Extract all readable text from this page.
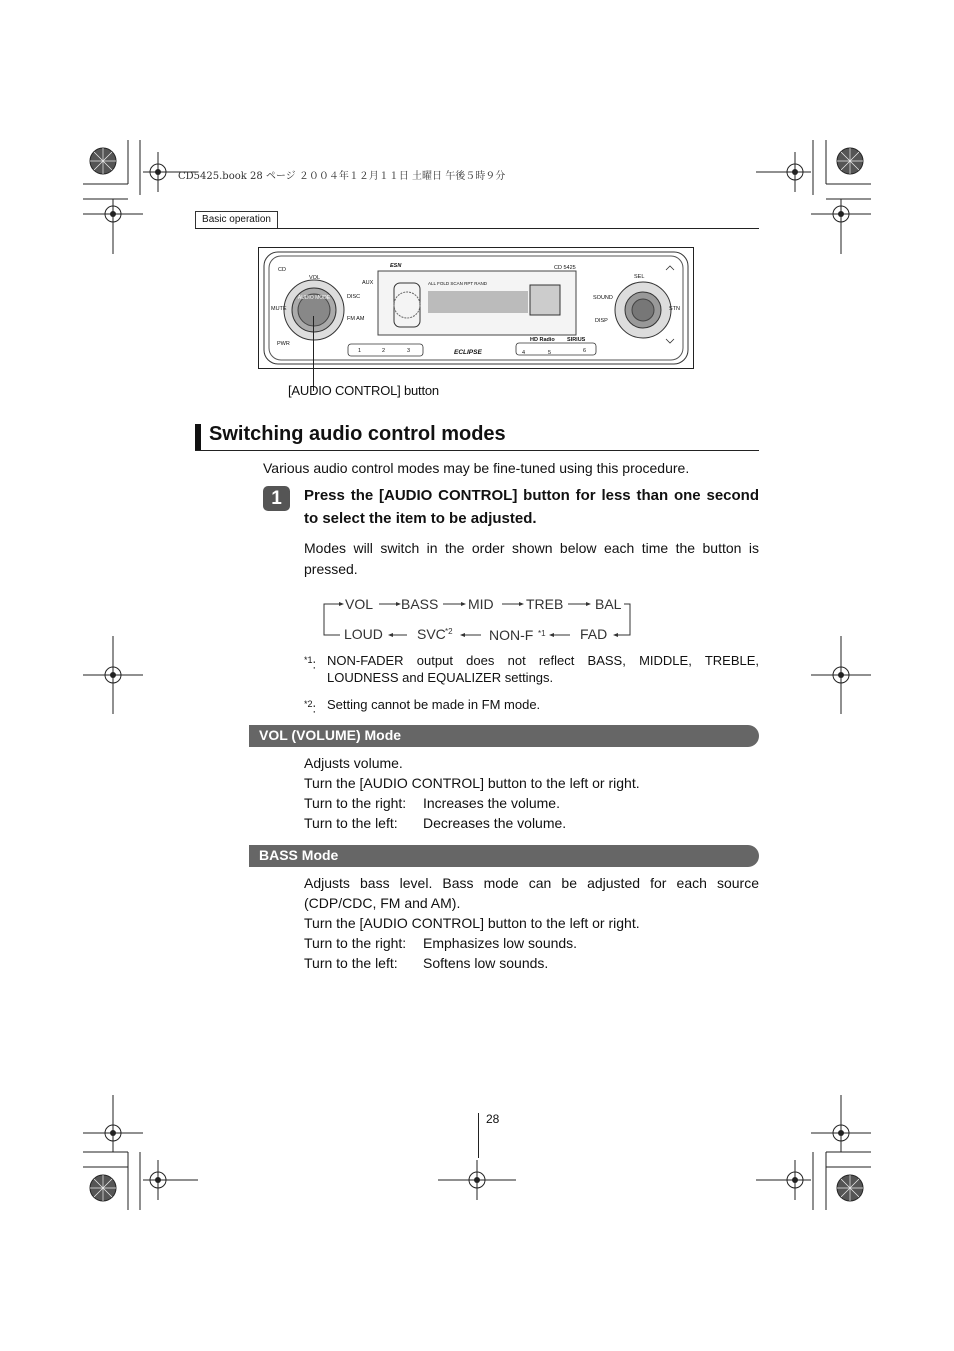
CD5425.book 28 ページ ２００４年１２月１１日 土曜日 午後５時９分
Basic operation
AUDIO MODE
CD
VOL
MUTE
PWR
DISC
FM AM
AUX
ESN	CD 5425
SEL
SOUND
DISP
STN
ALL FOLD SCAN RPT RAND
ECLIPSE
HD Radio SIRIUS
1	2	3	4	5	6
[AUDIO CONTROL] button
Switching audio control modes
Various audio control modes may be fine-tuned using this procedure.
1	Press the [AUDIO CONTROL] button for less than one second to select the item to be adjusted.
Modes will switch in the order shown below each time the button is pressed.
VOL BASS MID TREB BAL
LOUD SVC *2	NON-F *1 FAD
$^{*1}$: NON-FADER output does not reflect BASS, MIDDLE, TREBLE, LOUDNESS and EQUALIZER settings.
$^{*2}$: Setting cannot be made in FM mode.
VOL (VOLUME) Mode
Adjusts volume.
Turn the [AUDIO CONTROL] button to the left or right.
Turn to the right:	Increases the volume.
Turn to the left:	Decreases the volume.
BASS Mode
Adjusts bass level. Bass mode can be adjusted for each source (CDP/CDC, FM and AM).
Turn the [AUDIO CONTROL] button to the left or right.
Turn to the right:	Emphasizes low sounds.
Turn to the left:	Softens low sounds.
28
